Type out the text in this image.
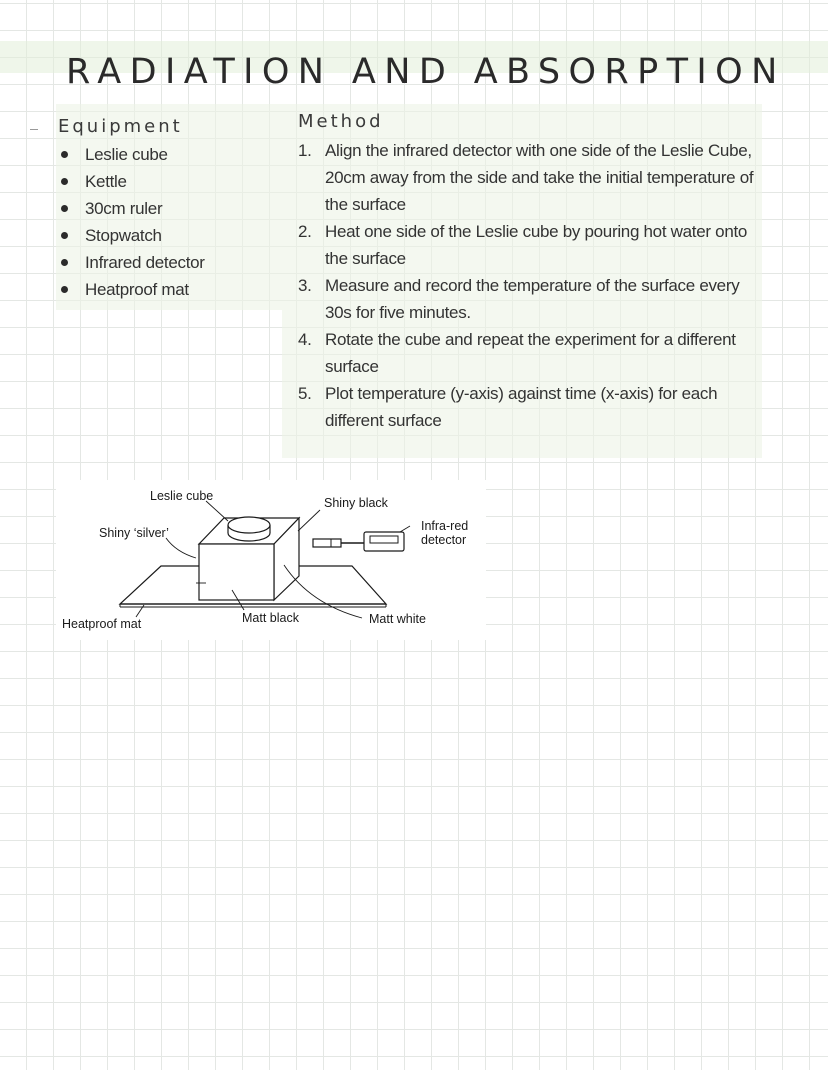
RADIATION AND ABSORPTION
Equipment
Leslie cube
Kettle
30cm ruler
Stopwatch
Infrared detector
Heatproof mat
Method
1. Align the infrared detector with one side of the Leslie Cube, 20cm away from the side and take the initial temperature of the surface
2. Heat one side of the Leslie cube by pouring hot water onto the surface
3. Measure and record the temperature of the surface every 30s for five minutes.
4. Rotate the cube and repeat the experiment for a different surface
5. Plot temperature (y-axis) against time (x-axis) for each different surface
Leslie cube
Shiny ‘silver’
Heatproof mat	Matt black
Shiny black
Infra-red
detector
Matt white
